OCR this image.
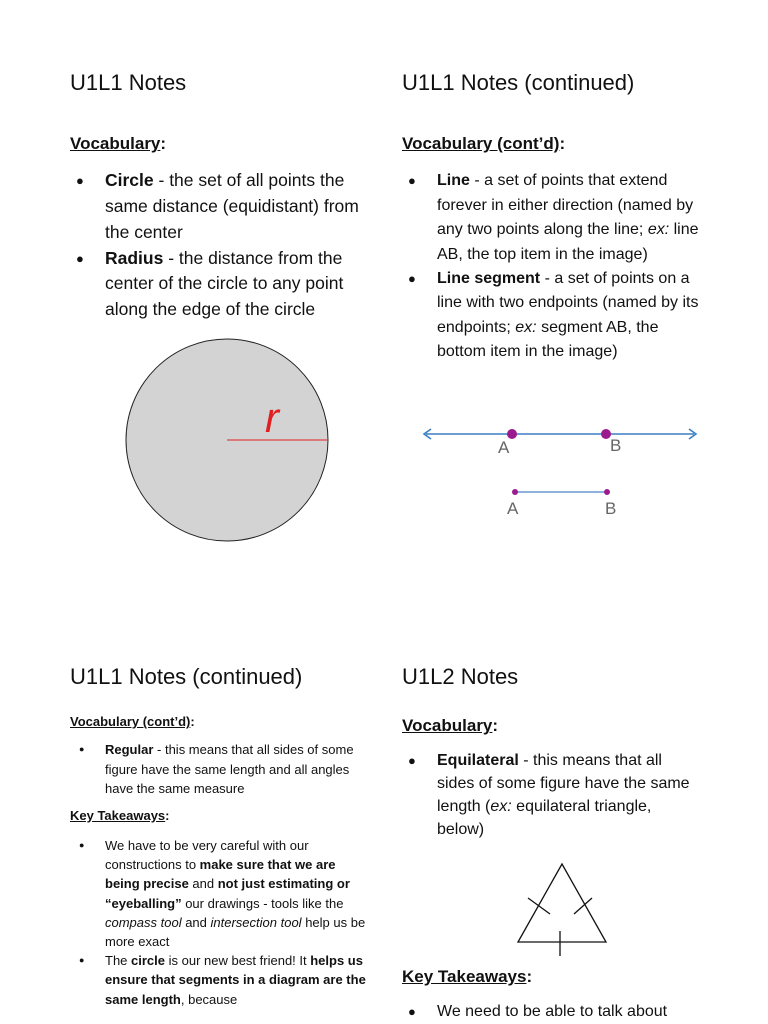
U1L1 Notes

Vocabulary:

● Circle - the set of all points the same distance (equidistant) from the center
● Radius - the distance from the center of the circle to any point along the edge of the circle
r
U1L1 Notes (continued)

Vocabulary (cont’d):

● Line - a set of points that extend forever in either direction (named by any two points along the line; ex: line AB, the top item in the image)
● Line segment - a set of points on a line with two endpoints (named by its endpoints; ex: segment AB, the bottom item in the image)
A	B
A	B
U1L1 Notes (continued)

Vocabulary (cont’d):

● Regular - this means that all sides of some figure have the same length and all angles have the same measure

Key Takeaways:

● We have to be very careful with our constructions to make sure that we are being precise and not just estimating or “eyeballing” our drawings - tools like the compass tool and intersection tool help us be more exact
● The circle is our new best friend! It helps us ensure that segments in a diagram are the same length, because
U1L2 Notes

Vocabulary:

● Equilateral - this means that all sides of some figure have the same length (ex: equilateral triangle, below)

Key Takeaways:

● We need to be able to talk about
